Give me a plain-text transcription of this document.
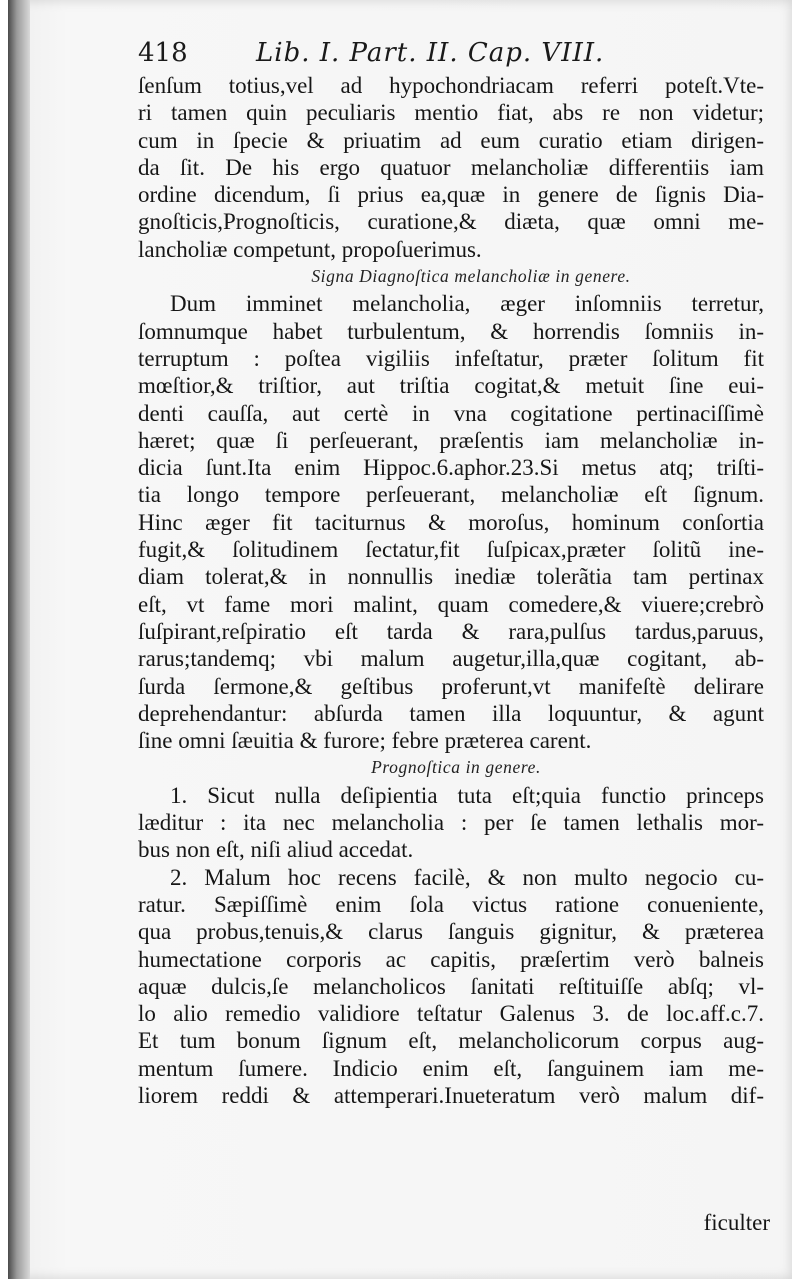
418	Lib. I. Part. II. Cap. VIII.
ſenſum totius,vel ad hypochondriacam referri poteſt.Vte-
ri tamen quin peculiaris mentio fiat, abs re non videtur;
cum in ſpecie & priuatim ad eum curatio etiam dirigen-
da ſit. De his ergo quatuor melancholiæ differentiis iam
ordine dicendum, ſi prius ea,quæ in genere de ſignis Dia-
gnoſticis,Prognoſticis, curatione,& diæta, quæ omni me-
lancholiæ competunt, propoſuerimus.
Signa Diagnoſtica melancholiæ in genere.
Dum imminet melancholia, æger inſomniis terretur,
ſomnumque habet turbulentum, & horrendis ſomniis in-
terruptum : poſtea vigiliis infeſtatur, præter ſolitum fit
mœſtior,& triſtior, aut triſtia cogitat,& metuit ſine eui-
denti cauſſa, aut certè in vna cogitatione pertinaciſſimè
hæret; quæ ſi perſeuerant, præſentis iam melancholiæ in-
dicia ſunt.Ita enim Hippoc.6.aphor.23.Si metus atq; triſti-
tia longo tempore perſeuerant, melancholiæ eſt ſignum.
Hinc æger fit taciturnus & moroſus, hominum conſortia
fugit,& ſolitudinem ſectatur,fit ſuſpicax,præter ſolitũ ine-
diam tolerat,& in nonnullis inediæ tolerãtia tam pertinax
eſt, vt fame mori malint, quam comedere,& viuere;crebrò
ſuſpirant,reſpiratio eſt tarda & rara,pulſus tardus,paruus,
rarus;tandemq; vbi malum augetur,illa,quæ cogitant, ab-
ſurda ſermone,& geſtibus proferunt,vt manifeſtè delirare
deprehendantur: abſurda tamen illa loquuntur, & agunt
ſine omni ſæuitia & furore; febre præterea carent.
Prognoſtica in genere.
1. Sicut nulla deſipientia tuta eſt;quia functio princeps
læditur : ita nec melancholia : per ſe tamen lethalis mor-
bus non eſt, niſi aliud accedat.
2. Malum hoc recens facilè, & non multo negocio cu-
ratur. Sæpiſſimè enim ſola victus ratione conueniente,
qua probus,tenuis,& clarus ſanguis gignitur, & præterea
humectatione corporis ac capitis, præſertim verò balneis
aquæ dulcis,ſe melancholicos ſanitati reſtituiſſe abſq; vl-
lo alio remedio validiore teſtatur Galenus 3. de loc.aff.c.7.
Et tum bonum ſignum eſt, melancholicorum corpus aug-
mentum ſumere. Indicio enim eſt, ſanguinem iam me-
liorem reddi & attemperari.Inueteratum verò malum dif-
ficulter
